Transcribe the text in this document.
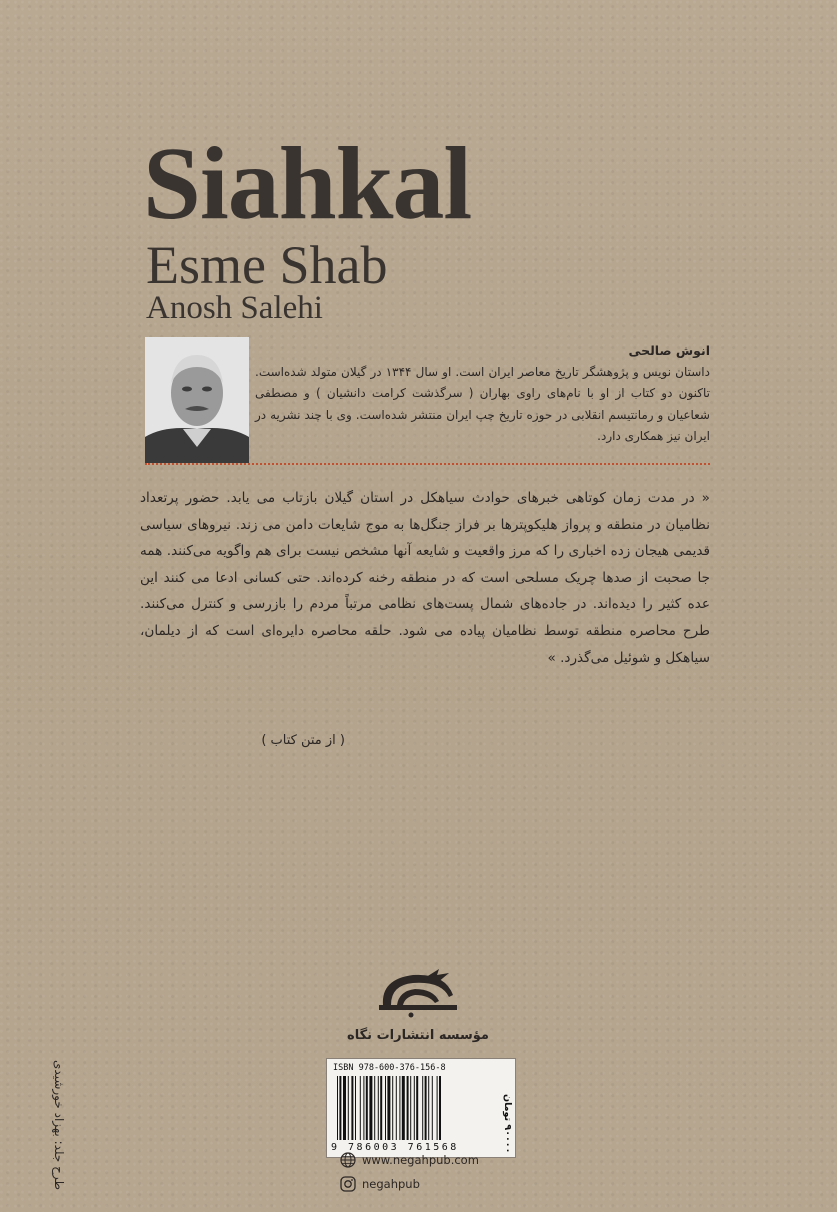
Siahkal
Esme Shab
Anosh Salehi
انوش صالحی
داستان نویس و پژوهشگر تاریخ معاصر ایران است. او سال ۱۳۴۴ در گیلان متولد شده‌است. تاکنون دو کتاب از او با نام‌های راوی بهاران ( سرگذشت کرامت دانشیان ) و مصطفی شعاعیان و رمانتیسم انقلابی در حوزه تاریخ چپ ایران منتشر شده‌است. وی با چند نشریه در ایران نیز همکاری دارد.
« در مدت زمان کوتاهی خبرهای حوادث سیاهکل در استان گیلان بازتاب می یابد. حضور پرتعداد نظامیان در منطقه و پرواز هلیکوپترها بر فراز جنگل‌ها به موج شایعات دامن می زند. نیروهای سیاسی قدیمی هیجان زده اخباری را که مرز واقعیت و شایعه آنها مشخص نیست برای هم واگویه می‌کنند. همه جا صحبت از صدها چریک مسلحی است که در منطقه رخنه کرده‌اند. حتی کسانی ادعا می کنند این عده کثیر را دیده‌اند. در جاده‌های شمال پست‌های نظامی مرتباً مردم را بازرسی و کنترل می‌کنند. طرح محاصره منطقه توسط نظامیان پیاده می شود. حلقه محاصره دایره‌ای است که از دیلمان، سیاهکل و شوئیل می‌گذرد. »
( از متن کتاب )
مؤسسه انتشارات نگاه
ISBN 978-600-376-156-8
9 786003 761568
۹۰۰۰۰ تومان
www.negahpub.com
negahpub
طرح جلد: بهزاد خورشیدی
